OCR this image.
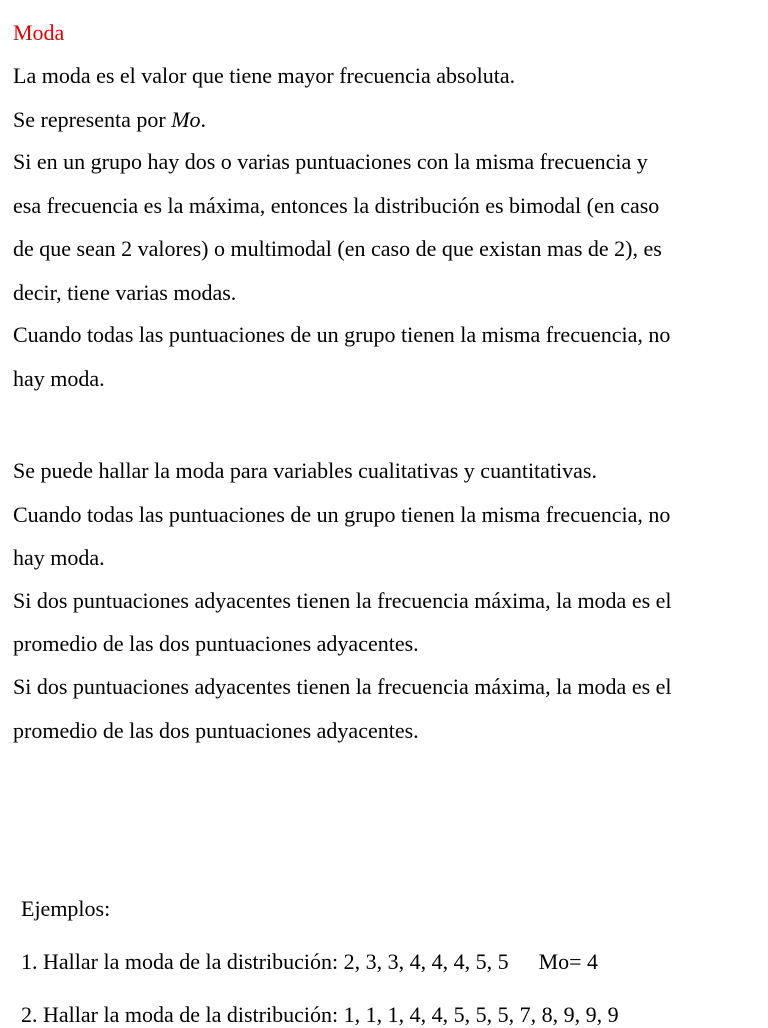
Moda
La moda es el valor que tiene mayor frecuencia absoluta.
Se representa por Mo.
Si en un grupo hay dos o varias puntuaciones con la misma frecuencia y
esa frecuencia es la máxima, entonces la distribución es bimodal (en caso
de que sean 2 valores) o multimodal (en caso de que existan mas de 2), es
decir, tiene varias modas.
Cuando todas las puntuaciones de un grupo tienen la misma frecuencia, no
hay moda.
Se puede hallar la moda para variables cualitativas y cuantitativas.
Cuando todas las puntuaciones de un grupo tienen la misma frecuencia, no
hay moda.
Si dos puntuaciones adyacentes tienen la frecuencia máxima, la moda es el
promedio de las dos puntuaciones adyacentes.
Si dos puntuaciones adyacentes tienen la frecuencia máxima, la moda es el
promedio de las dos puntuaciones adyacentes.
Ejemplos:
1. Hallar la moda de la distribución: 2, 3, 3, 4, 4, 4, 5, 5 Mo= 4
2. Hallar la moda de la distribución: 1, 1, 1, 4, 4, 5, 5, 5, 7, 8, 9, 9, 9
